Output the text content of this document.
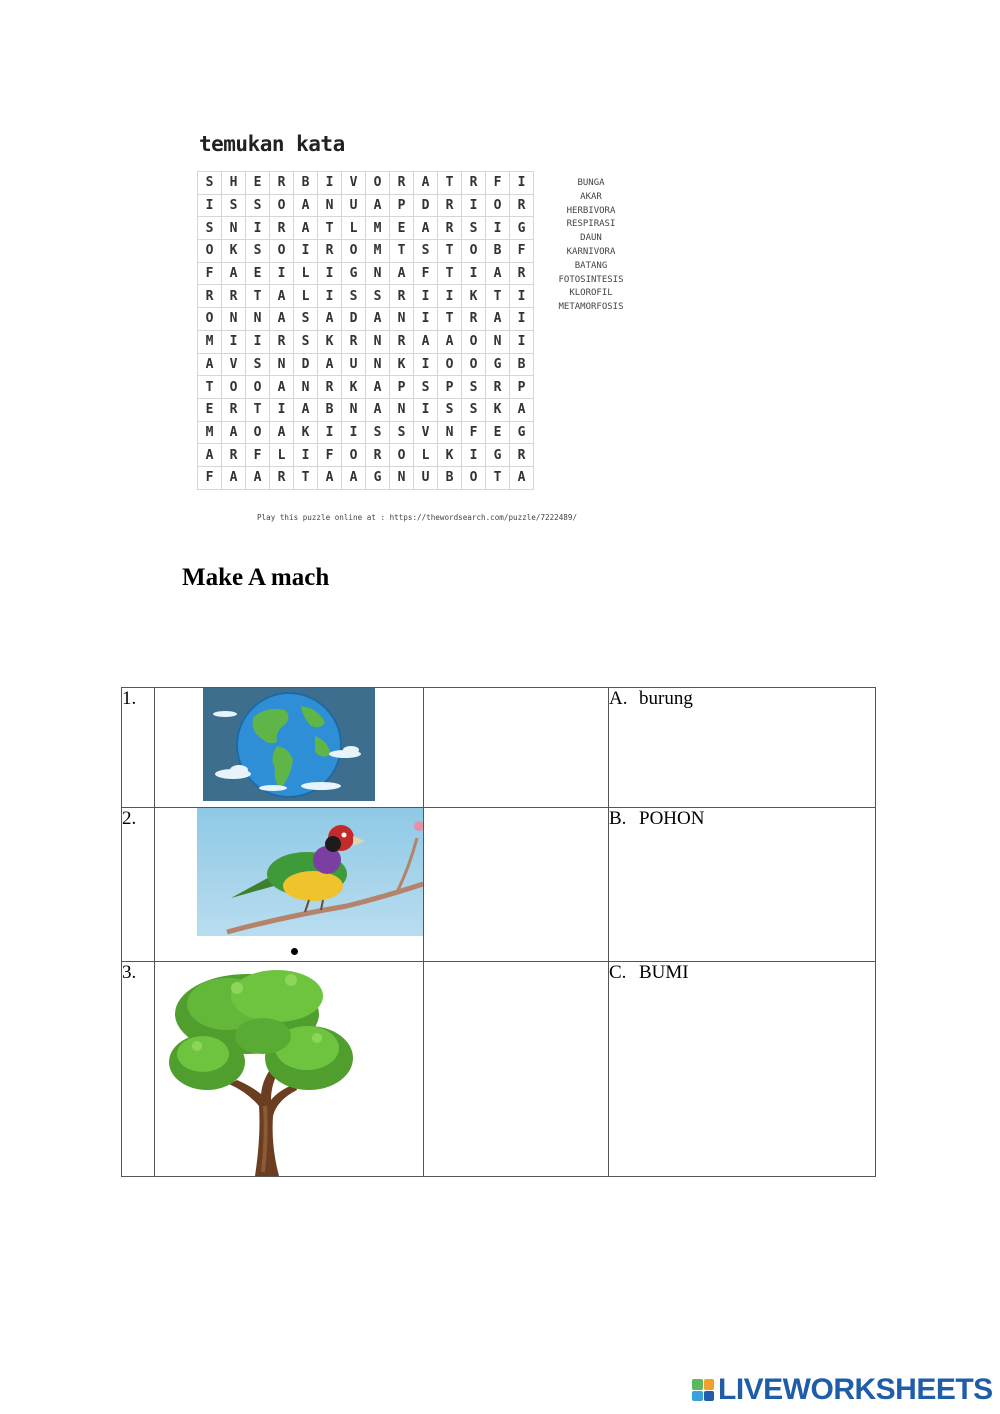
temukan kata
S	H	E	R	B	I	V	O	R	A	T	R	F	I
I	S	S	O	A	N	U	A	P	D	R	I	O	R
S	N	I	R	A	T	L	M	E	A	R	S	I	G
O	K	S	O	I	R	O	M	T	S	T	O	B	F
F	A	E	I	L	I	G	N	A	F	T	I	A	R
R	R	T	A	L	I	S	S	R	I	I	K	T	I
O	N	N	A	S	A	D	A	N	I	T	R	A	I
M	I	I	R	S	K	R	N	R	A	A	O	N	I
A	V	S	N	D	A	U	N	K	I	O	O	G	B
T	O	O	A	N	R	K	A	P	S	P	S	R	P
E	R	T	I	A	B	N	A	N	I	S	S	K	A
M	A	O	A	K	I	I	S	S	V	N	F	E	G
A	R	F	L	I	F	O	R	O	L	K	I	G	R
F	A	A	R	T	A	A	G	N	U	B	O	T	A
BUNGA
AKAR
HERBIVORA
RESPIRASI
DAUN
KARNIVORA
BATANG
FOTOSINTESIS
KLOROFIL
METAMORFOSIS
Play this puzzle online at : https://thewordsearch.com/puzzle/7222489/
Make A mach
1.			A. burung
2.			B. POHON
3.			C. BUMI
LIVEWORKSHEETS
